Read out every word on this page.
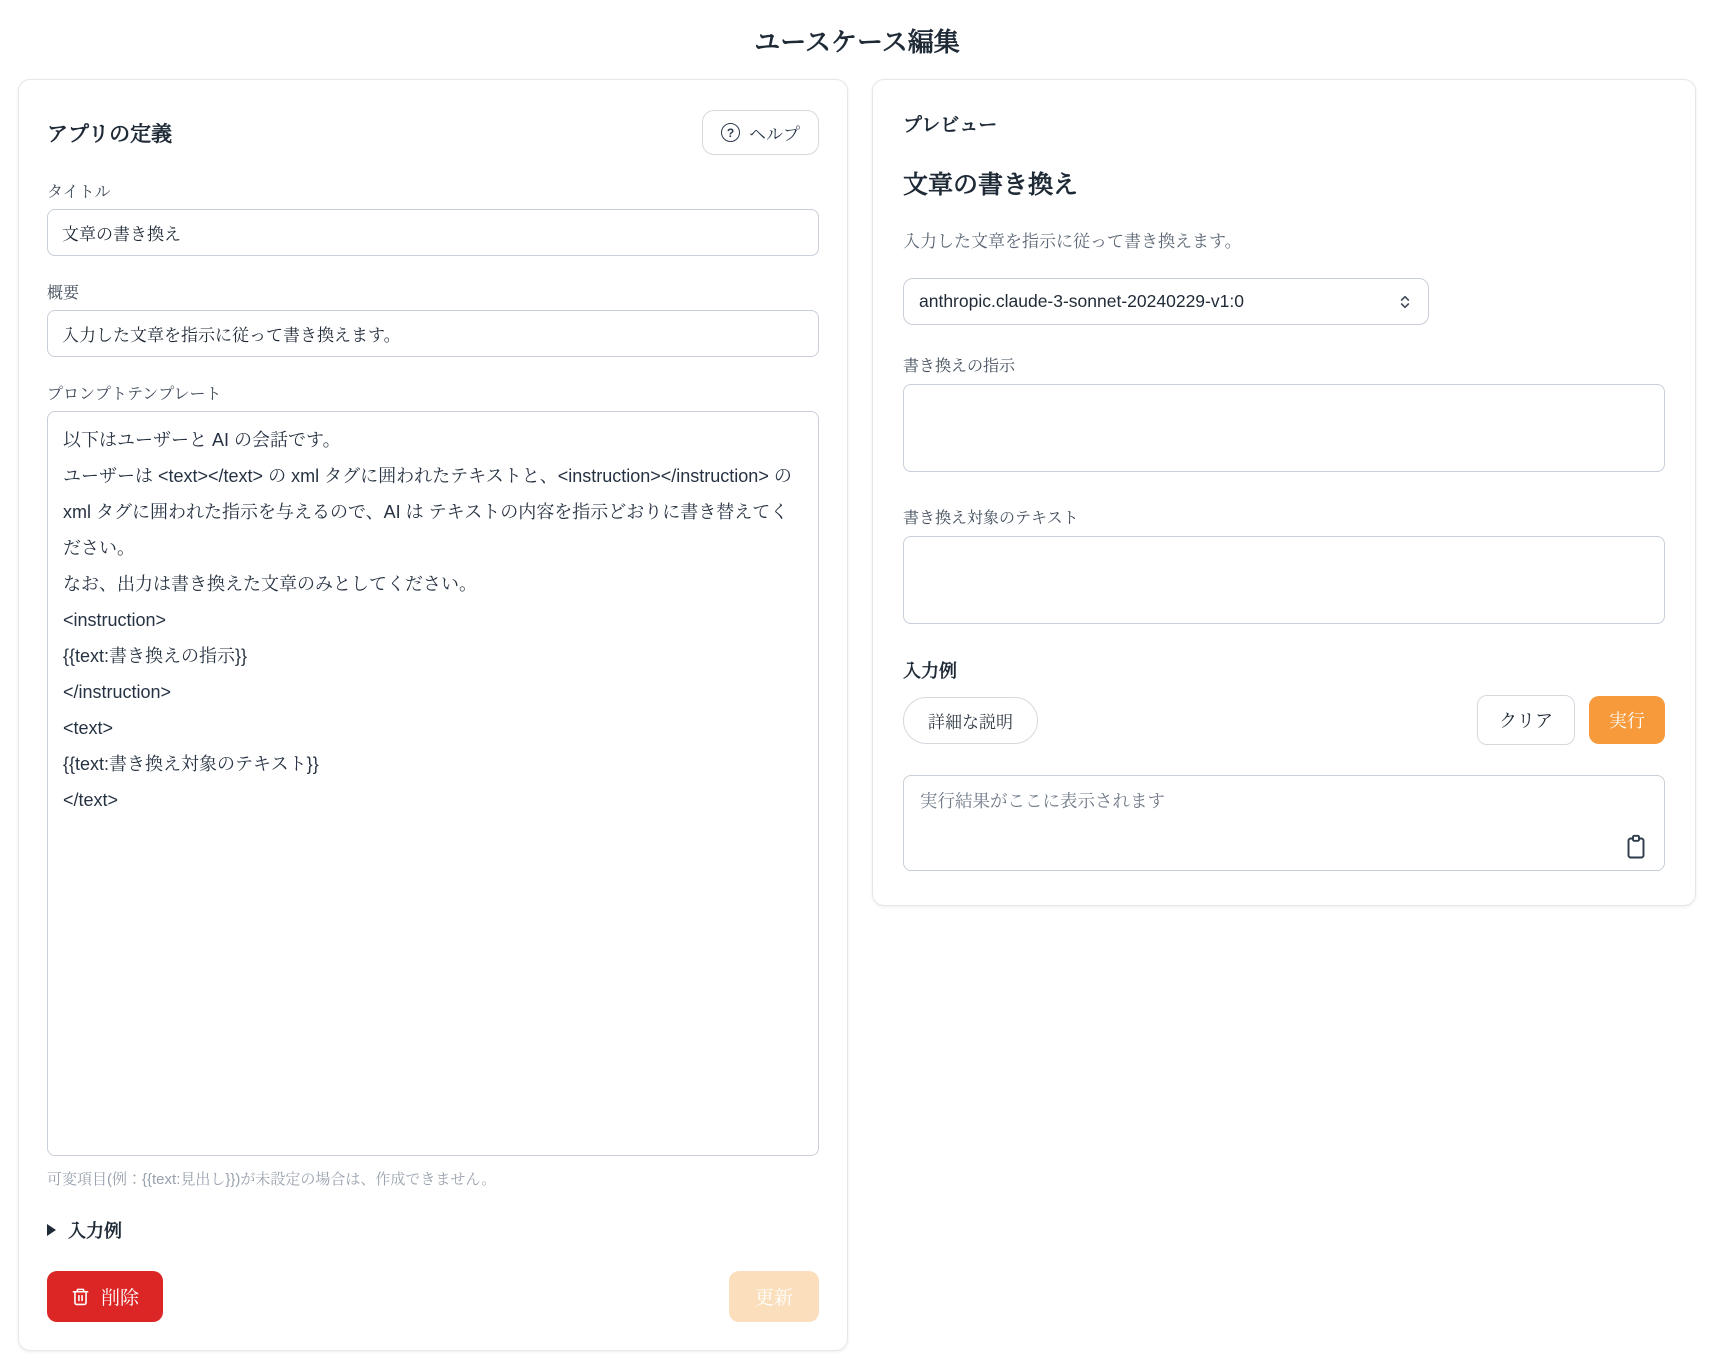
ユースケース編集
アプリの定義	? ヘルプ
タイトル
文章の書き換え
概要
入力した文章を指示に従って書き換えます。
プロンプトテンプレート
以下はユーザーと AI の会話です。 ユーザーは <text></text> の xml タグに囲われたテキストと、<instruction></instruction> の xml タグに囲われた指示を与えるので、AI は テキストの内容を指示どおりに書き替えてください。 なお、出力は書き換えた文章のみとしてください。 <instruction> {{text:書き換えの指示}} </instruction> <text> {{text:書き換え対象のテキスト}} </text>
可変項目(例：{{text:見出し}})が未設定の場合は、作成できません。
入力例
削除	更新
プレビュー
文章の書き換え

入力した文章を指示に従って書き換えます。

anthropic.claude-3-sonnet-20240229-v1:0
書き換えの指示
書き換え対象のテキスト
入力例
詳細な説明	クリア	実行
実行結果がここに表示されます
